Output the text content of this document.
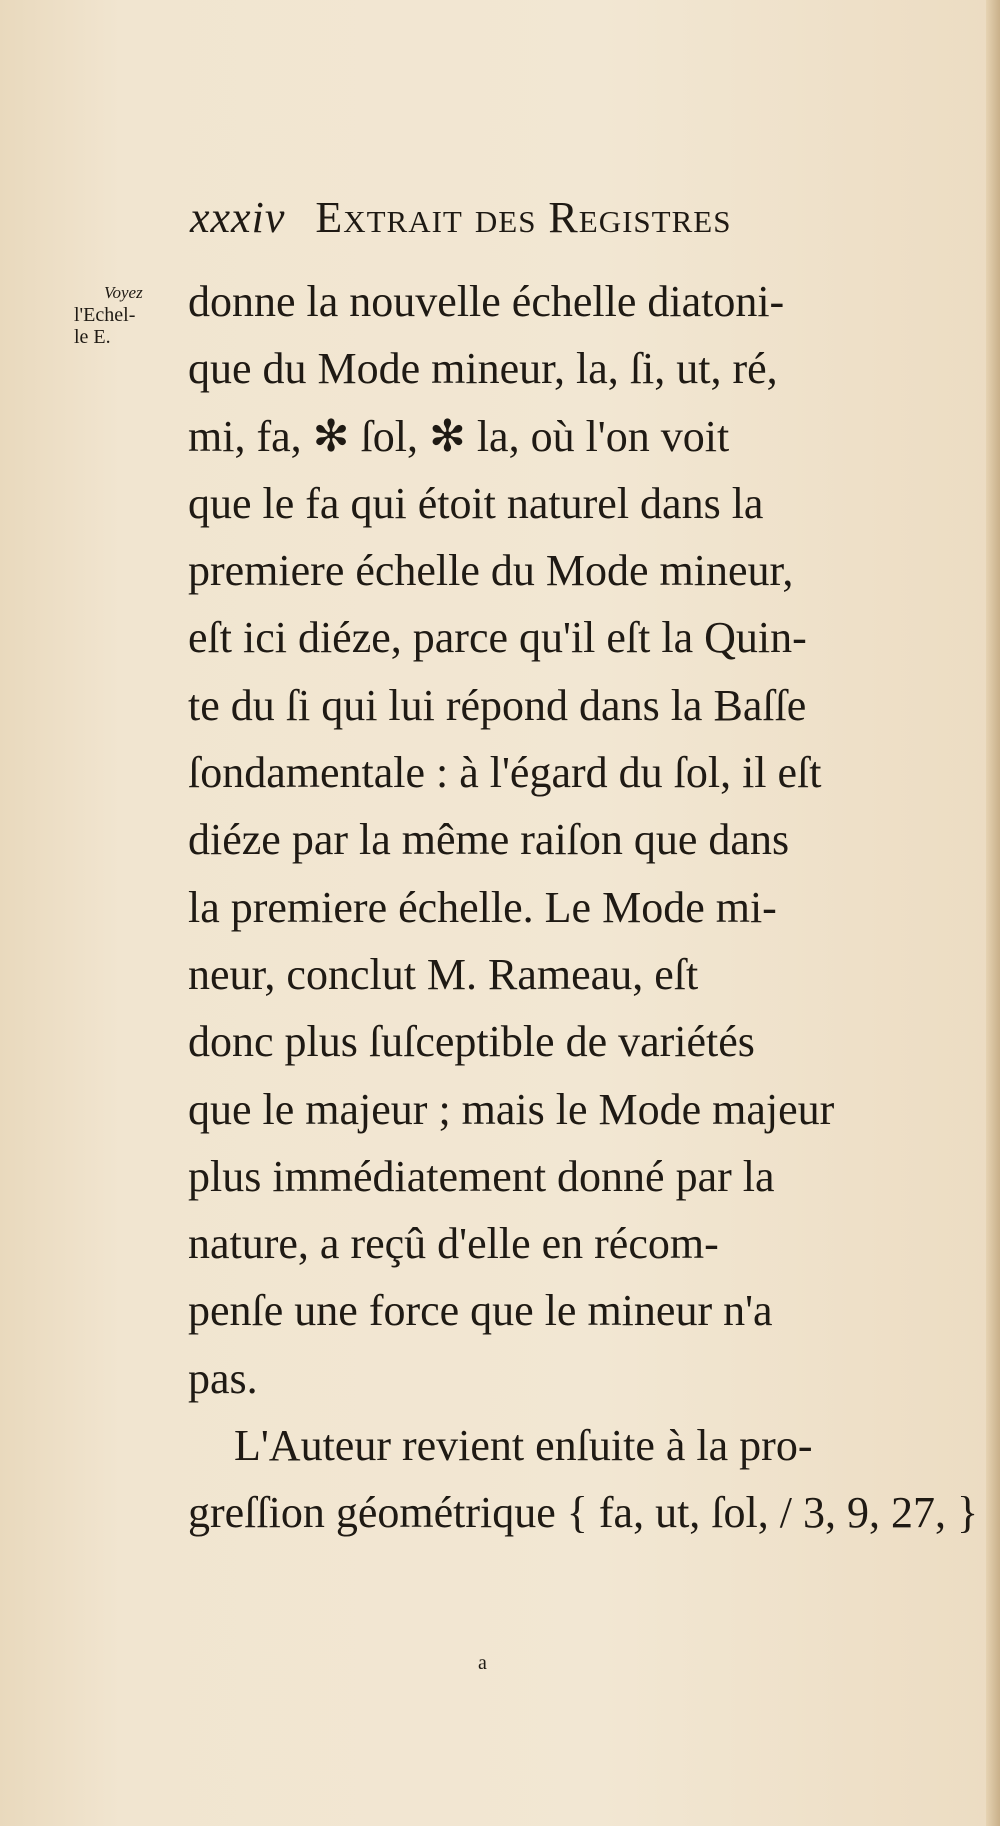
xxxiv Extrait des Registres
Voyez
l'Echel-
le E.
donne la nouvelle échelle diatoni-
que du Mode mineur, la, ſi, ut, ré,
mi, fa, ✻ ſol, ✻ la, où l'on voit
que le fa qui étoit naturel dans la
premiere échelle du Mode mineur,
eſt ici diéze, parce qu'il eſt la Quin-
te du ſi qui lui répond dans la Baſſe
ſondamentale : à l'égard du ſol, il eſt
diéze par la même raiſon que dans
la premiere échelle. Le Mode mi-
neur, conclut M. Rameau, eſt
donc plus ſuſceptible de variétés
que le majeur ; mais le Mode majeur
plus immédiatement donné par la
nature, a reçû d'elle en récom-
penſe une force que le mineur n'a
pas.
L'Auteur revient enſuite à la pro-
greſſion géométrique { fa, ut, ſol, / 3, 9, 27, }
a
